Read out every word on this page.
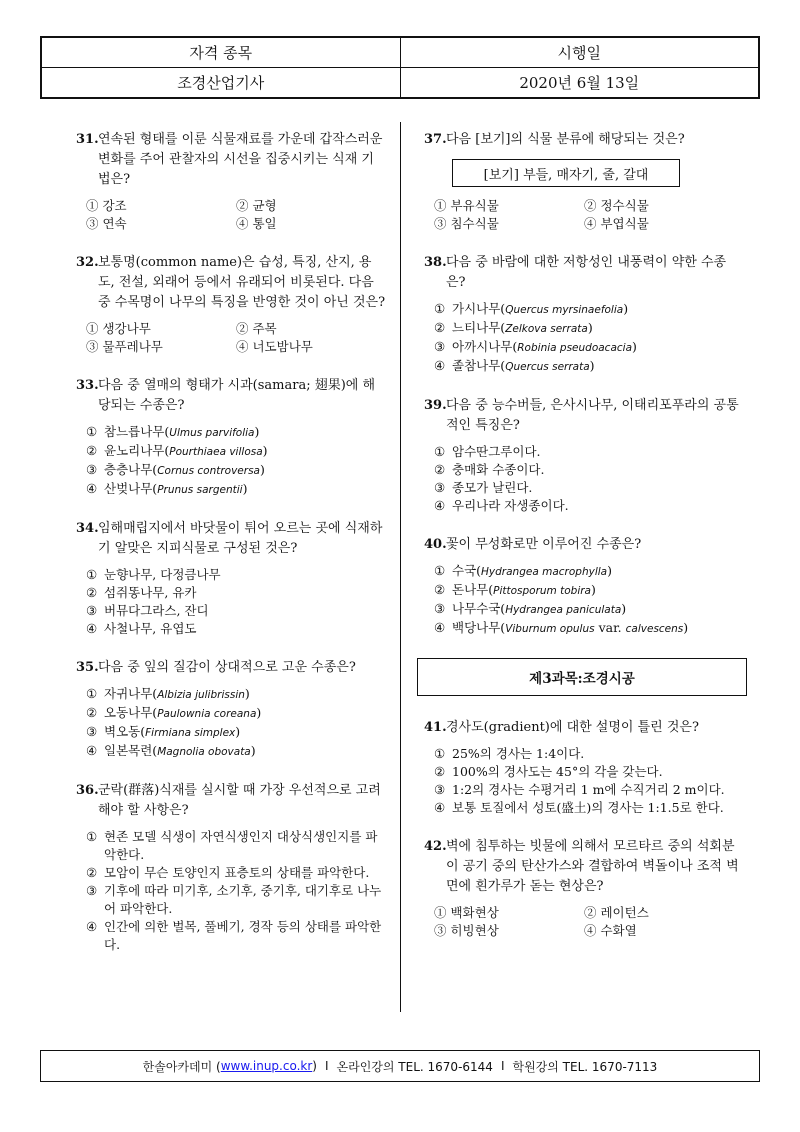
자격 종목	시행일
조경산업기사	2020년 6월 13일
31. 연속된 형태를 이룬 식물재료를 가운데 갑작스러운 변화를 주어 관찰자의 시선을 집중시키는 식재 기법은?
① 강조	② 균형
③ 연속	④ 통일
32. 보통명(common name)은 습성, 특징, 산지, 용도, 전설, 외래어 등에서 유래되어 비롯된다. 다음 중 수목명이 나무의 특징을 반영한 것이 아닌 것은?
① 생강나무	② 주목
③ 물푸레나무	④ 너도밤나무
33. 다음 중 열매의 형태가 시과(samara; 翅果)에 해당되는 수종은?
① 참느릅나무(Ulmus parvifolia)
② 윤노리나무(Pourthiaea villosa)
③ 층층나무(Cornus controversa)
④ 산벚나무(Prunus sargentii)
34. 임해매립지에서 바닷물이 튀어 오르는 곳에 식재하기 알맞은 지피식물로 구성된 것은?
① 눈향나무, 다정큼나무
② 섬쥐똥나무, 유카
③ 버뮤다그라스, 잔디
④ 사철나무, 유엽도
35. 다음 중 잎의 질감이 상대적으로 고운 수종은?
① 자귀나무(Albizia julibrissin)
② 오동나무(Paulownia coreana)
③ 벽오동(Firmiana simplex)
④ 일본목련(Magnolia obovata)
36. 군락(群落)식재를 실시할 때 가장 우선적으로 고려해야 할 사항은?
① 현존 모델 식생이 자연식생인지 대상식생인지를 파악한다.
② 모암이 무슨 토양인지 표층토의 상태를 파악한다.
③ 기후에 따라 미기후, 소기후, 중기후, 대기후로 나누어 파악한다.
④ 인간에 의한 벌목, 풀베기, 경작 등의 상태를 파악한다.
37. 다음 [보기]의 식물 분류에 해당되는 것은?
[보기] 부들, 매자기, 줄, 갈대
① 부유식물	② 정수식물
③ 침수식물	④ 부엽식물
38. 다음 중 바람에 대한 저항성인 내풍력이 약한 수종은?
① 가시나무(Quercus myrsinaefolia)
② 느티나무(Zelkova serrata)
③ 아까시나무(Robinia pseudoacacia)
④ 졸참나무(Quercus serrata)
39. 다음 중 능수버들, 은사시나무, 이태리포푸라의 공통적인 특징은?
① 암수딴그루이다.
② 충매화 수종이다.
③ 종모가 날린다.
④ 우리나라 자생종이다.
40. 꽃이 무성화로만 이루어진 수종은?
① 수국(Hydrangea macrophylla)
② 돈나무(Pittosporum tobira)
③ 나무수국(Hydrangea paniculata)
④ 백당나무(Viburnum opulus var. calvescens)
제3과목:조경시공
41. 경사도(gradient)에 대한 설명이 틀린 것은?
① 25%의 경사는 1:4이다.
② 100%의 경사도는 45°의 각을 갖는다.
③ 1:2의 경사는 수평거리 1 m에 수직거리 2 m이다.
④ 보통 토질에서 성토(盛土)의 경사는 1:1.5로 한다.
42. 벽에 침투하는 빗물에 의해서 모르타르 중의 석회분이 공기 중의 탄산가스와 결합하여 벽돌이나 조적 벽면에 흰가루가 돋는 현상은?
① 백화현상	② 레이턴스
③ 히빙현상	④ 수화열
한솔아카데미 ( www.inup.co.kr ) I 온라인강의 TEL. 1670-6144 I 학원강의 TEL. 1670-7113
